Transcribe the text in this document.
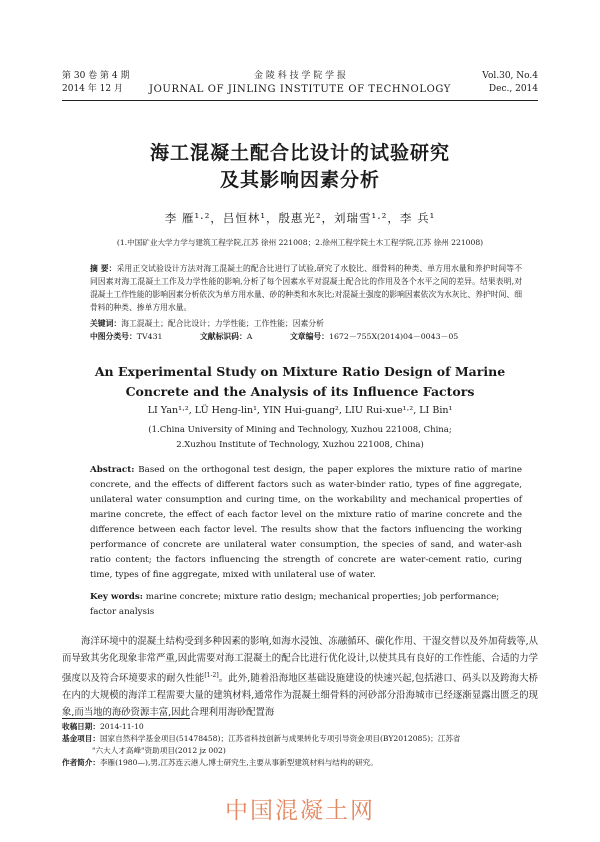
第 30 卷 第 4 期
2014 年 12 月
金 陵 科 技 学 院 学 报
JOURNAL OF JINLING INSTITUTE OF TECHNOLOGY
Vol.30, No.4
Dec., 2014
海工混凝土配合比设计的试验研究
及其影响因素分析
李 雁¹·²，吕恒林¹，殷惠光²，刘瑞雪¹·²，李 兵¹
(1.中国矿业大学力学与建筑工程学院,江苏 徐州 221008；2.徐州工程学院土木工程学院,江苏 徐州 221008)
摘 要：采用正交试验设计方法对海工混凝土的配合比进行了试验,研究了水胶比、细骨料的种类、单方用水量和养护时间等不同因素对海工混凝土工作及力学性能的影响,分析了每个因素水平对混凝土配合比的作用及各个水平之间的差异。结果表明,对混凝土工作性能的影响因素分析依次为单方用水量、砂的种类和水灰比;对混凝土强度的影响因素依次为水灰比、养护时间、细骨料的种类、掺单方用水量。
关键词：海工混凝土；配合比设计；力学性能；工作性能；因素分析
中图分类号：TV431	文献标识码：A	文章编号：1672－755X(2014)04－0043－05
An Experimental Study on Mixture Ratio Design of Marine
Concrete and the Analysis of its Influence Factors
LI Yan¹·², LÜ Heng-lin¹, YIN Hui-guang², LIU Rui-xue¹·², LI Bin¹
(1.China University of Mining and Technology, Xuzhou 221008, China;
2.Xuzhou Institute of Technology, Xuzhou 221008, China)
Abstract: Based on the orthogonal test design, the paper explores the mixture ratio of marine concrete, and the effects of different factors such as water-binder ratio, types of fine aggregate, unilateral water consumption and curing time, on the workability and mechanical properties of marine concrete, the effect of each factor level on the mixture ratio of marine concrete and the difference between each factor level. The results show that the factors influencing the working performance of concrete are unilateral water consumption, the species of sand, and water-ash ratio content; the factors influencing the strength of concrete are water-cement ratio, curing time, types of fine aggregate, mixed with unilateral use of water.
Key words: marine concrete; mixture ratio design; mechanical properties; job performance; factor analysis
海洋环境中的混凝土结构受到多种因素的影响,如海水浸蚀、冻融循环、碳化作用、干湿交替以及外加荷载等,从而导致其劣化现象非常严重,因此需要对海工混凝土的配合比进行优化设计,以使其具有良好的工作性能、合适的力学强度以及符合环境要求的耐久性能[1-2]。此外,随着沿海地区基础设施建设的快速兴起,包括港口、码头以及跨海大桥在内的大规模的海洋工程需要大量的建筑材料,通常作为混凝土细骨料的河砂部分沿海城市已经逐渐显露出匮乏的现象,而当地的海砂资源丰富,因此合理利用海砂配置海
收稿日期：2014-11-10
基金项目：国家自然科学基金项目(51478458)；江苏省科技创新与成果转化专项引导资金项目(BY2012085)；江苏省
"六大人才高峰"资助项目(2012 jz 002)
作者简介：李雁(1980—),男,江苏连云港人,博士研究生,主要从事新型建筑材料与结构的研究。
中国混凝土网
